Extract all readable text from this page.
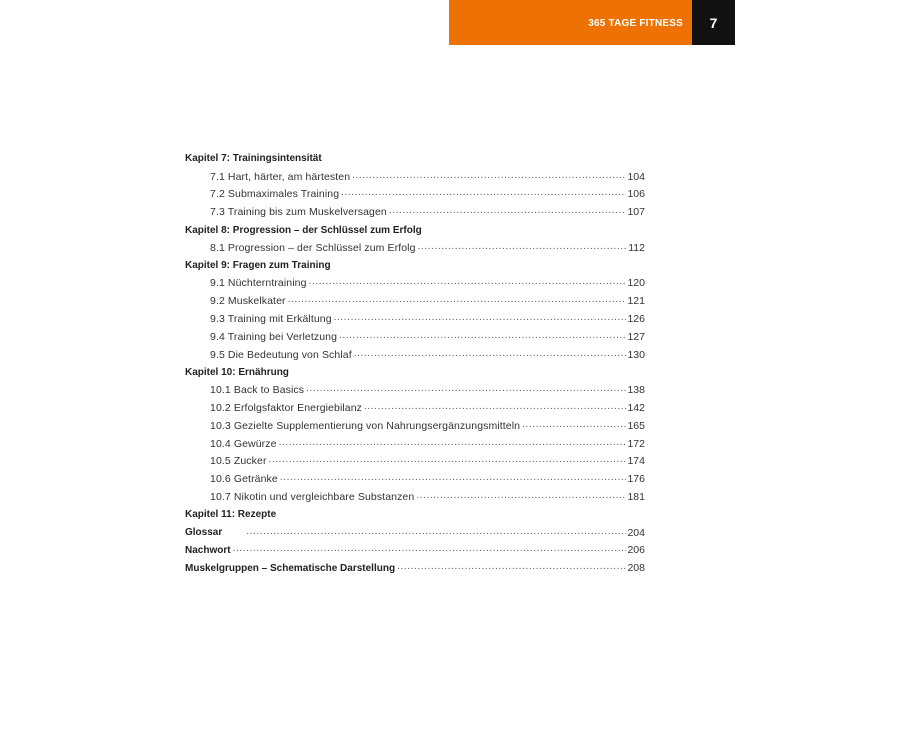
365 TAGE FITNESS 7
Kapitel 7: Trainingsintensität
7.1 Hart, härter, am härtesten .....	104
7.2 Submaximales Training .....	106
7.3 Training bis zum Muskelversagen .....	107
Kapitel 8: Progression – der Schlüssel zum Erfolg
8.1 Progression – der Schlüssel zum Erfolg .....	112
Kapitel 9: Fragen zum Training
9.1 Nüchterntraining .....	120
9.2 Muskelkater .....	121
9.3 Training mit Erkältung .....	126
9.4 Training bei Verletzung .....	127
9.5 Die Bedeutung von Schlaf .....	130
Kapitel 10: Ernährung
10.1 Back to Basics .....	138
10.2 Erfolgsfaktor Energiebilanz .....	142
10.3 Gezielte Supplementierung von Nahrungsergänzungsmitteln .....	165
10.4 Gewürze .....	172
10.5 Zucker .....	174
10.6 Getränke .....	176
10.7 Nikotin und vergleichbare Substanzen .....	181
Kapitel 11: Rezepte
Glossar .....	204
Nachwort .....	206
Muskelgruppen – Schematische Darstellung .....	208
